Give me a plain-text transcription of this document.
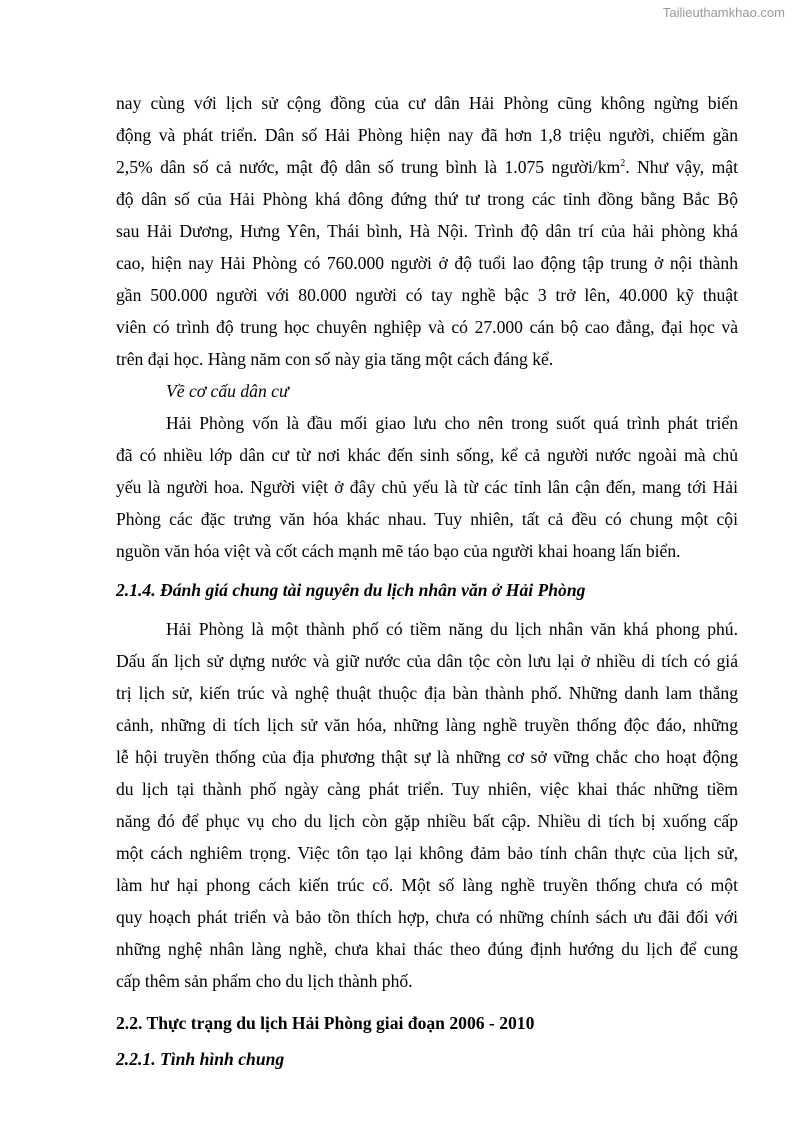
Tailieuthamkhao.com
nay cùng với lịch sử cộng đồng của cư dân Hải Phòng cũng không ngừng biến
động và phát triển. Dân số Hải Phòng hiện nay đã hơn 1,8 triệu người, chiếm gần
2,5% dân số cả nước, mật độ dân số trung bình là 1.075 người/$km^2$. Như vậy, mật
độ dân số của Hải Phòng khá đông đứng thứ tư trong các tỉnh đồng bằng Bắc Bộ
sau Hải Dương, Hưng Yên, Thái bình, Hà Nội. Trình độ dân trí của hải phòng khá
cao, hiện nay Hải Phòng có 760.000 người ở độ tuổi lao động tập trung ở nội thành
gần 500.000 người với 80.000 người có tay nghề bậc 3 trở lên, 40.000 kỹ thuật
viên có trình độ trung học chuyên nghiệp và có 27.000 cán bộ cao đẳng, đại học và
trên đại học. Hàng năm con số này gia tăng một cách đáng kể.
Về cơ cấu dân cư
Hải Phòng vốn là đầu mối giao lưu cho nên trong suốt quá trình phát triển
đã có nhiều lớp dân cư từ nơi khác đến sinh sống, kể cả người nước ngoài mà chủ
yếu là người hoa. Người việt ở đây chủ yếu là từ các tỉnh lân cận đến, mang tới Hải
Phòng các đặc trưng văn hóa khác nhau. Tuy nhiên, tất cả đều có chung một cội
nguồn văn hóa việt và cốt cách mạnh mẽ táo bạo của người khai hoang lấn biển.
2.1.4. Đánh giá chung tài nguyên du lịch nhân văn ở Hải Phòng
Hải Phòng là một thành phố có tiềm năng du lịch nhân văn khá phong phú.
Dấu ấn lịch sử dựng nước và giữ nước của dân tộc còn lưu lại ở nhiều di tích có giá
trị lịch sử, kiến trúc và nghệ thuật thuộc địa bàn thành phố. Những danh lam thắng
cảnh, những di tích lịch sử văn hóa, những làng nghề truyền thống độc đáo, những
lễ hội truyền thống của địa phương thật sự là những cơ sở vững chắc cho hoạt động
du lịch tại thành phố ngày càng phát triển. Tuy nhiên, việc khai thác những tiềm
năng đó để phục vụ cho du lịch còn gặp nhiều bất cập. Nhiều di tích bị xuống cấp
một cách nghiêm trọng. Việc tôn tạo lại không đảm bảo tính chân thực của lịch sử,
làm hư hại phong cách kiến trúc cổ. Một số làng nghề truyền thống chưa có một
quy hoạch phát triển và bảo tồn thích hợp, chưa có những chính sách ưu đãi đối với
những nghệ nhân làng nghề, chưa khai thác theo đúng định hướng du lịch để cung
cấp thêm sản phẩm cho du lịch thành phố.
2.2. Thực trạng du lịch Hải Phòng giai đoạn 2006 - 2010
2.2.1. Tình hình chung
